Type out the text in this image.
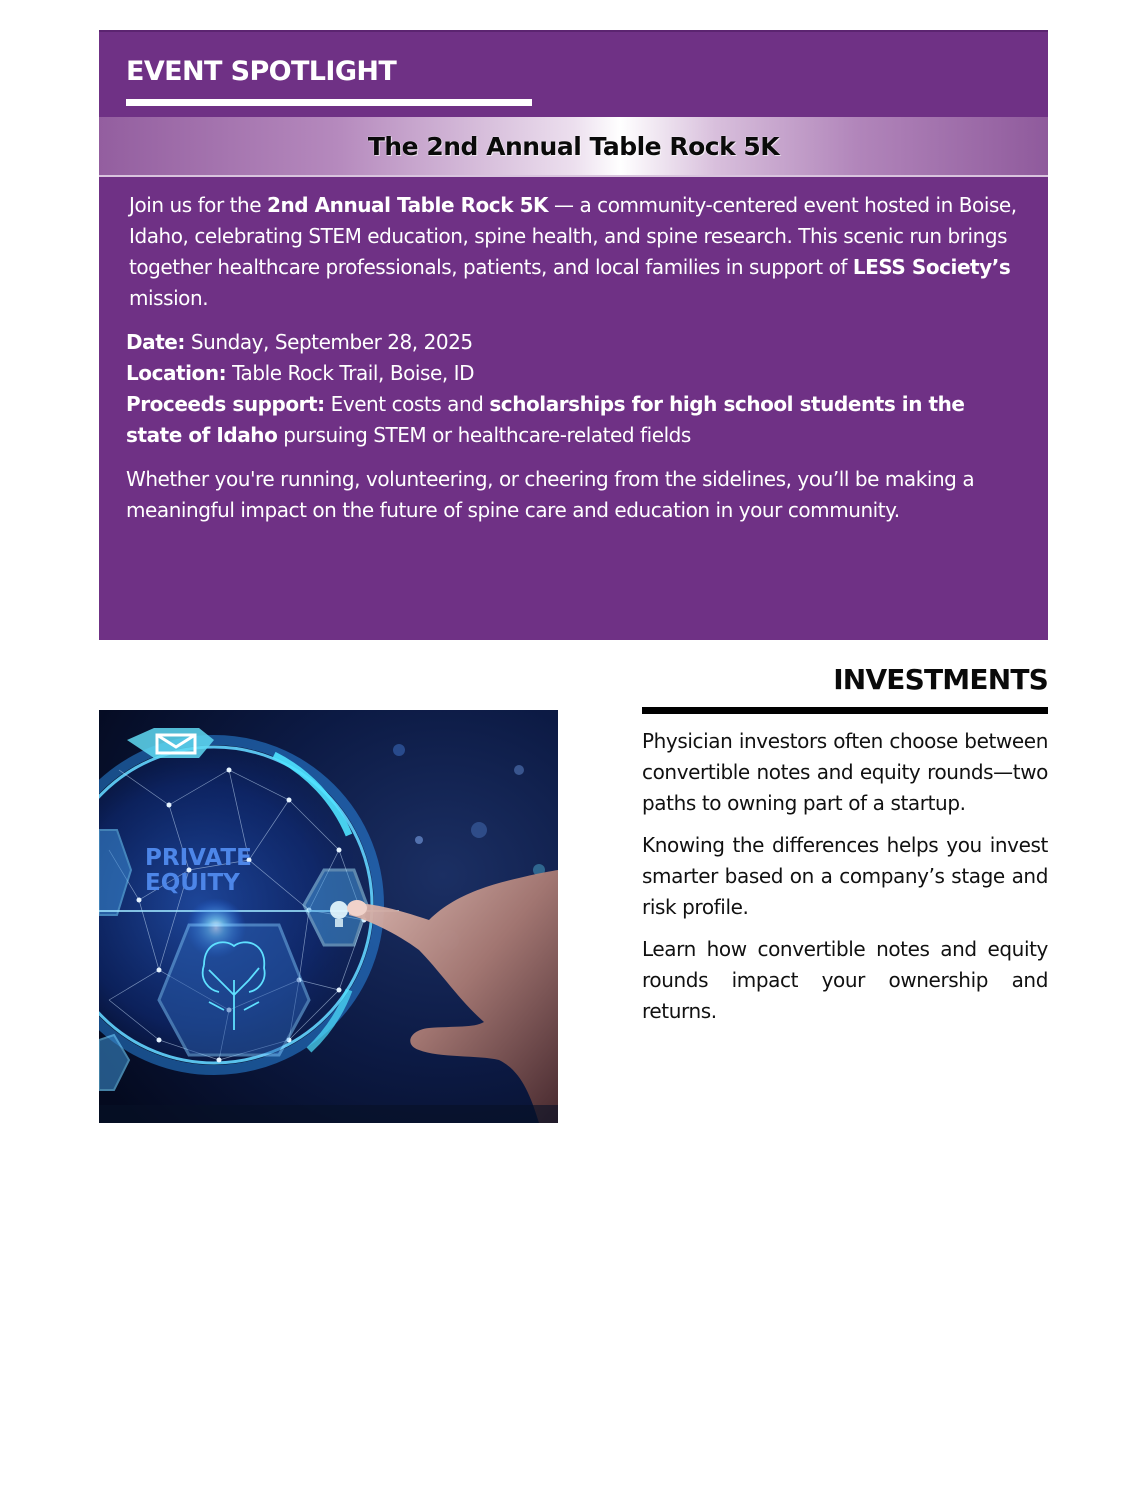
EVENT SPOTLIGHT
The 2nd Annual Table Rock 5K

Join us for the 2nd Annual Table Rock 5K — a community-centered event hosted in Boise, Idaho, celebrating STEM education, spine health, and spine research. This scenic run brings together healthcare professionals, patients, and local families in support of LESS Society’s mission.

Date: Sunday, September 28, 2025

Location: Table Rock Trail, Boise, ID

Proceeds support: Event costs and scholarships for high school students in the state of Idaho pursuing STEM or healthcare-related fields

Whether you're running, volunteering, or cheering from the sidelines, you’ll be making a meaningful impact on the future of spine care and education in your community.

PRIVATE
EQUITY
INVESTMENTS

Physician investors often choose between convertible notes and equity rounds—two paths to owning part of a startup.

Knowing the differences helps you invest smarter based on a company’s stage and risk profile.

Learn how convertible notes and equity rounds impact your ownership and returns.
